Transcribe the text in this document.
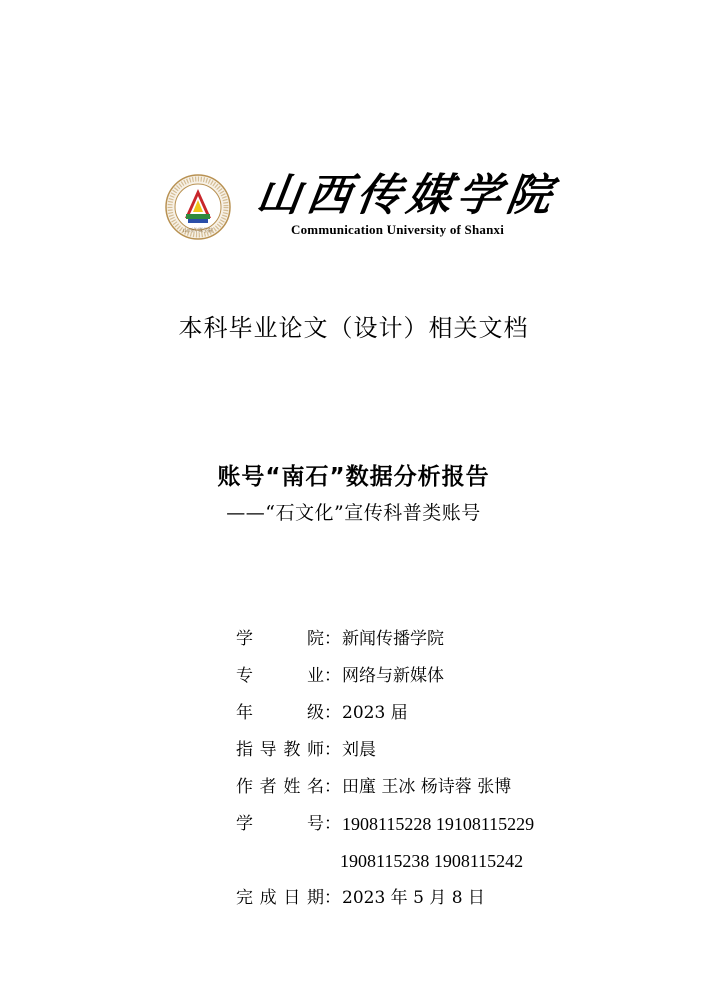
山西传媒学院
山西传媒学院
Communication University of Shanxi
本科毕业论文（设计）相关文档
账号“南石”数据分析报告
——“石文化”宣传科普类账号
学 院：新闻传播学院
专 业：网络与新媒体
年 级：2023 届
指导教师：刘晨
作者姓名：田廑 王冰 杨诗蓉 张博
学 号：1908115228 19108115229
1908115238 1908115242
完成日期：2023 年 5 月 8 日
